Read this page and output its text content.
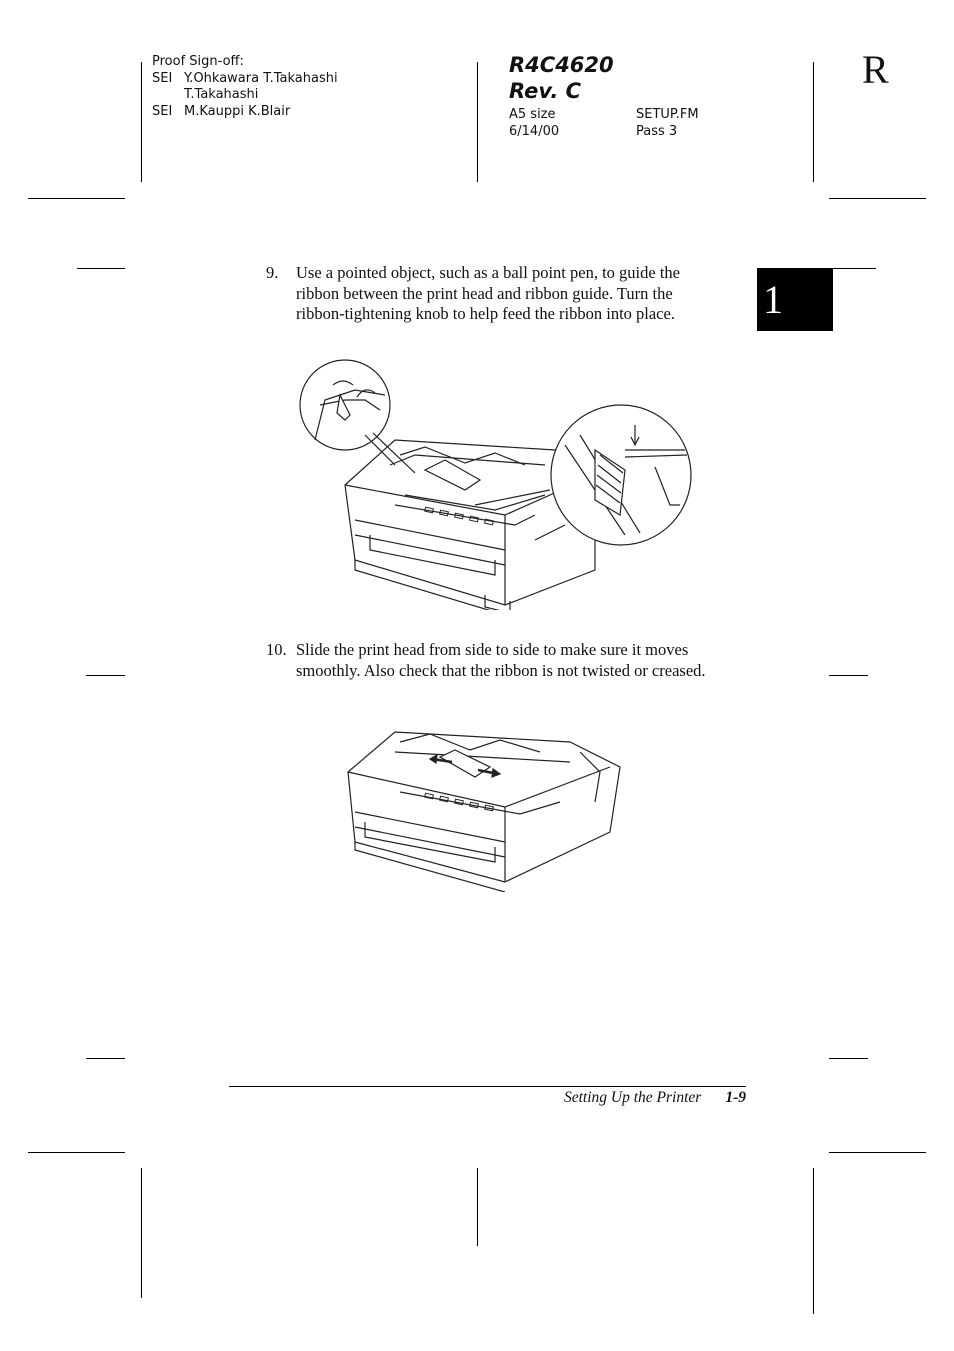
Proof Sign-off:
SEI Y.Ohkawara T.Takahashi
T.Takahashi
SEI M.Kauppi K.Blair
R4C4620
Rev. C
A5 size	SETUP.FM
6/14/00	Pass 3
R
1
9. Use a pointed object, such as a ball point pen, to guide the
ribbon between the print head and ribbon guide. Turn the
ribbon-tightening knob to help feed the ribbon into place.
10. Slide the print head from side to side to make sure it moves
smoothly. Also check that the ribbon is not twisted or creased.
Setting Up the Printer 1-9
